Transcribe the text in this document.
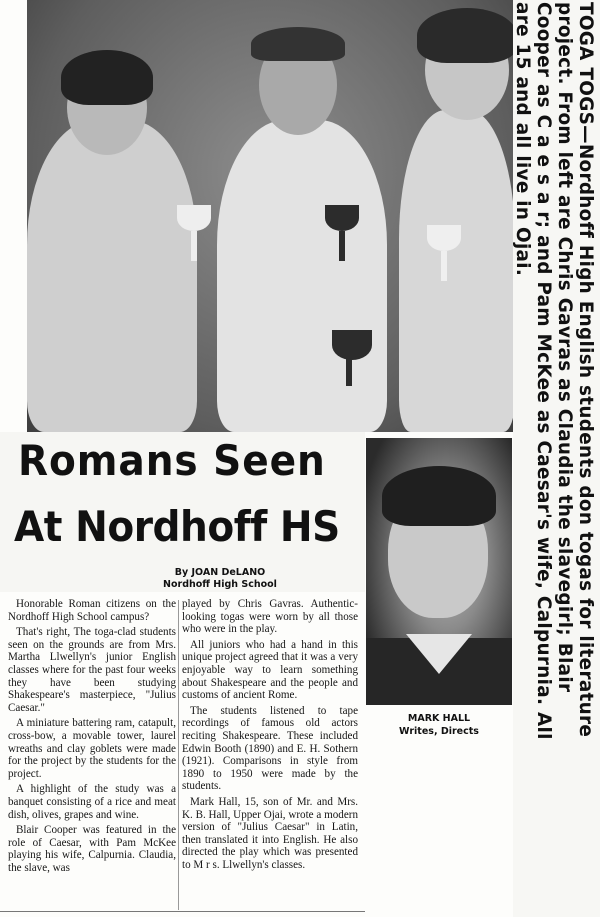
TOGA TOGS—Nordhoff High English students don togas for literature project. From left are Chris Gavras as Claudia the slavegirl; Blair Cooper as C a e s a r; and Pam McKee as Caesar's wife, Calpurnia. All are 15 and all live in Ojai.
Romans Seen
At Nordhoff HS
By JOAN DeLANO
Nordhoff High School
MARK HALL
Writes, Directs

Honorable Roman citizens on the Nordhoff High School campus?

That's right, The toga-clad students seen on the grounds are from Mrs. Martha Llwellyn's junior English classes where for the past four weeks they have been studying Shakespeare's masterpiece, "Julius Caesar."

A miniature battering ram, catapult, cross-bow, a movable tower, laurel wreaths and clay goblets were made for the project by the students for the project.

A highlight of the study was a banquet consisting of a rice and meat dish, olives, grapes and wine.

Blair Cooper was featured in the role of Caesar, with Pam McKee playing his wife, Calpurnia. Claudia, the slave, was

played by Chris Gavras. Authentic-looking togas were worn by all those who were in the play.

All juniors who had a hand in this unique project agreed that it was a very enjoyable way to learn something about Shakespeare and the people and customs of ancient Rome.

The students listened to tape recordings of famous old actors reciting Shakespeare. These included Edwin Booth (1890) and E. H. Sothern (1921). Comparisons in style from 1890 to 1950 were made by the students.

Mark Hall, 15, son of Mr. and Mrs. K. B. Hall, Upper Ojai, wrote a modern version of "Julius Caesar" in Latin, then translated it into English. He also directed the play which was presented to M r s. Llwellyn's classes.
